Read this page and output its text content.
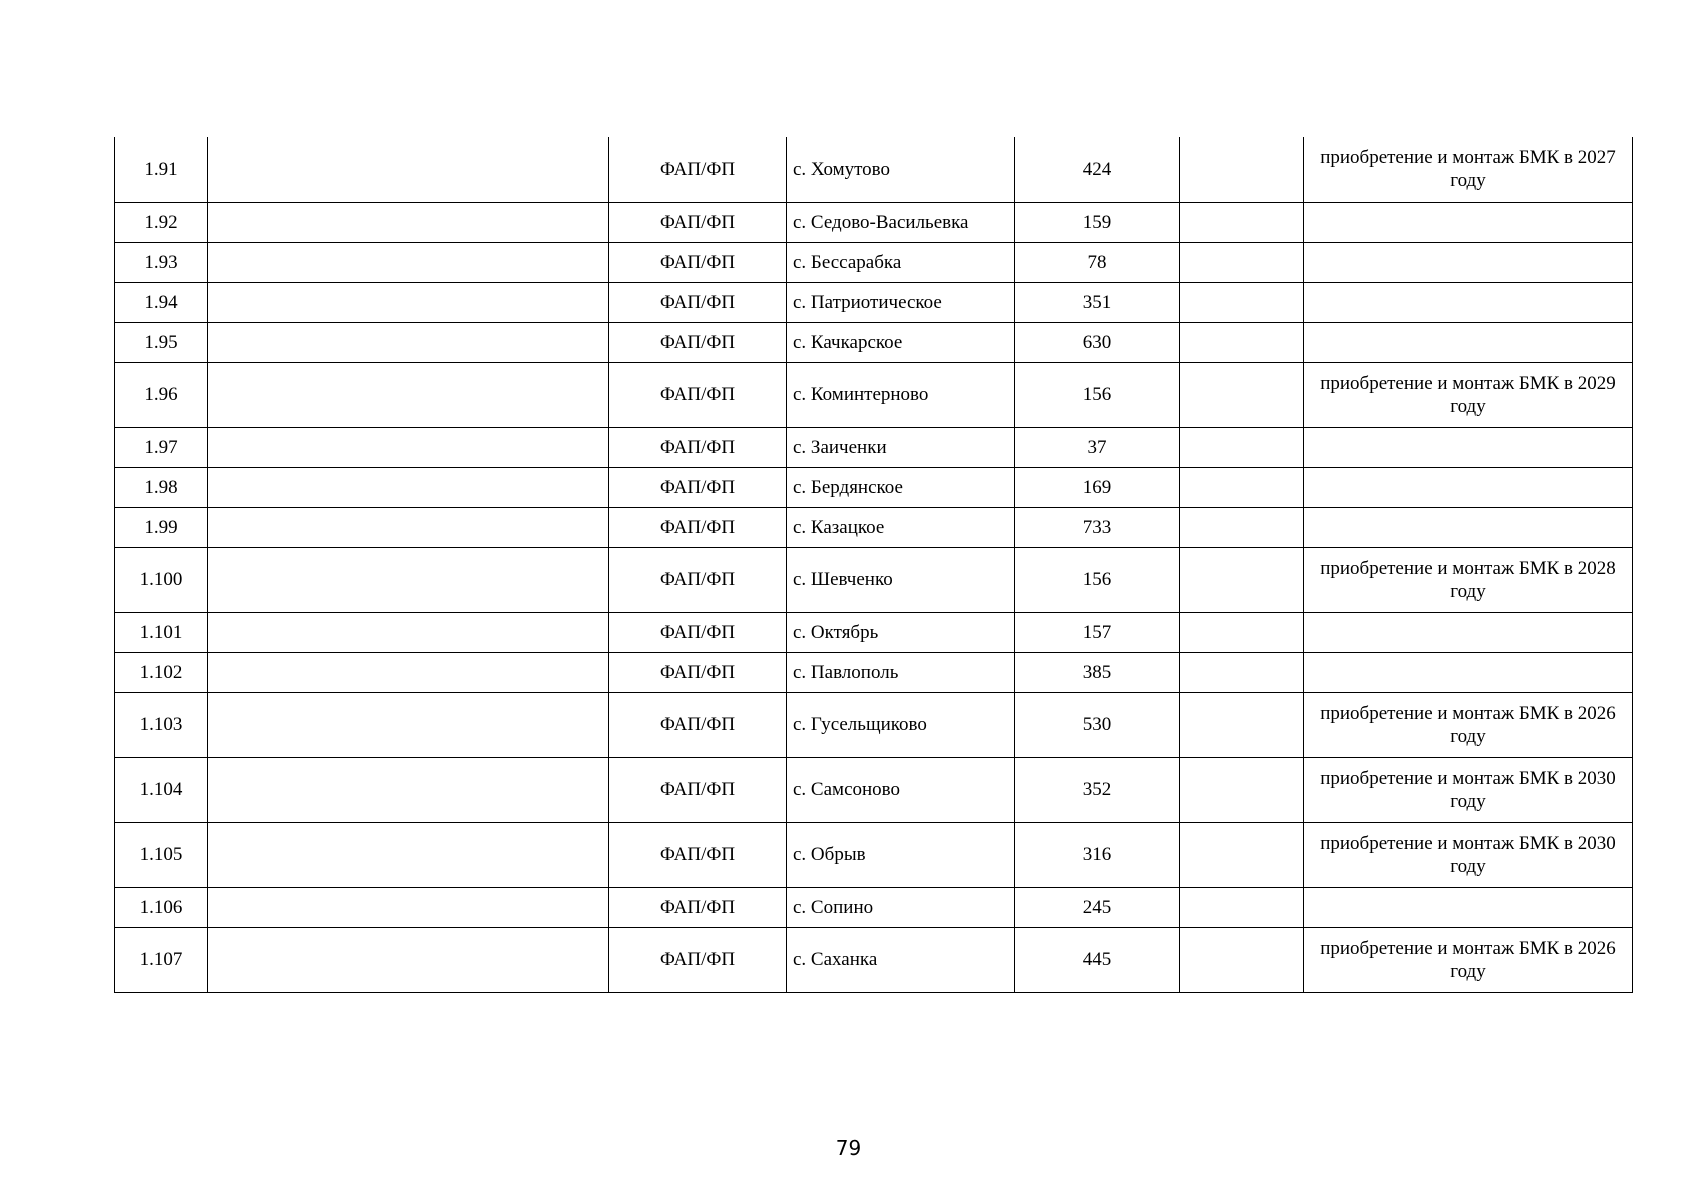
1.91		ФАП/ФП	с. Хомутово	424		приобретение и монтаж БМК в 2027 году
1.92		ФАП/ФП	с. Седово-Васильевка	159		
1.93		ФАП/ФП	с. Бессарабка	78		
1.94		ФАП/ФП	с. Патриотическое	351		
1.95		ФАП/ФП	с. Качкарское	630		
1.96		ФАП/ФП	с. Коминтерново	156		приобретение и монтаж БМК в 2029 году
1.97		ФАП/ФП	с. Заиченки	37		
1.98		ФАП/ФП	с. Бердянское	169		
1.99		ФАП/ФП	с. Казацкое	733		
1.100		ФАП/ФП	с. Шевченко	156		приобретение и монтаж БМК в 2028 году
1.101		ФАП/ФП	с. Октябрь	157		
1.102		ФАП/ФП	с. Павлополь	385		
1.103		ФАП/ФП	с. Гусельщиково	530		приобретение и монтаж БМК в 2026 году
1.104		ФАП/ФП	с. Самсоново	352		приобретение и монтаж БМК в 2030 году
1.105		ФАП/ФП	с. Обрыв	316		приобретение и монтаж БМК в 2030 году
1.106		ФАП/ФП	с. Сопино	245		
1.107		ФАП/ФП	с. Саханка	445		приобретение и монтаж БМК в 2026 году
79
